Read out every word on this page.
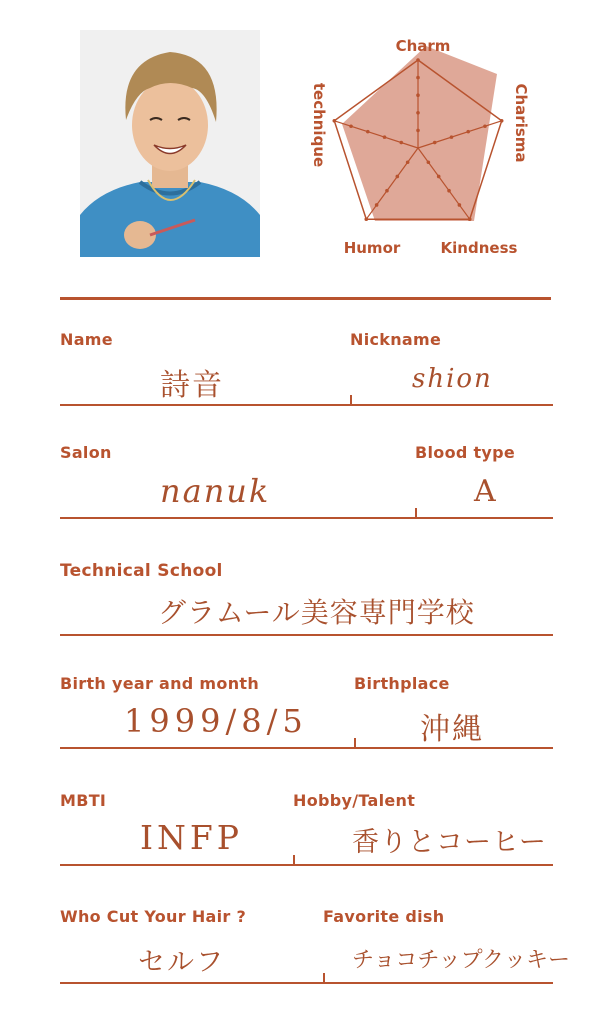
Charm
Charisma
Kindness
Humor
technique
Name	Nickname
詩音	shion
Salon	Blood type
nanuk	A
Technical School
グラムール美容専門学校
Birth year and month	Birthplace
1999/8/5	沖縄
MBTI	Hobby/Talent
INFP	香りとコーヒー
Who Cut Your Hair ?	Favorite dish
セルフ	チョコチップクッキー
